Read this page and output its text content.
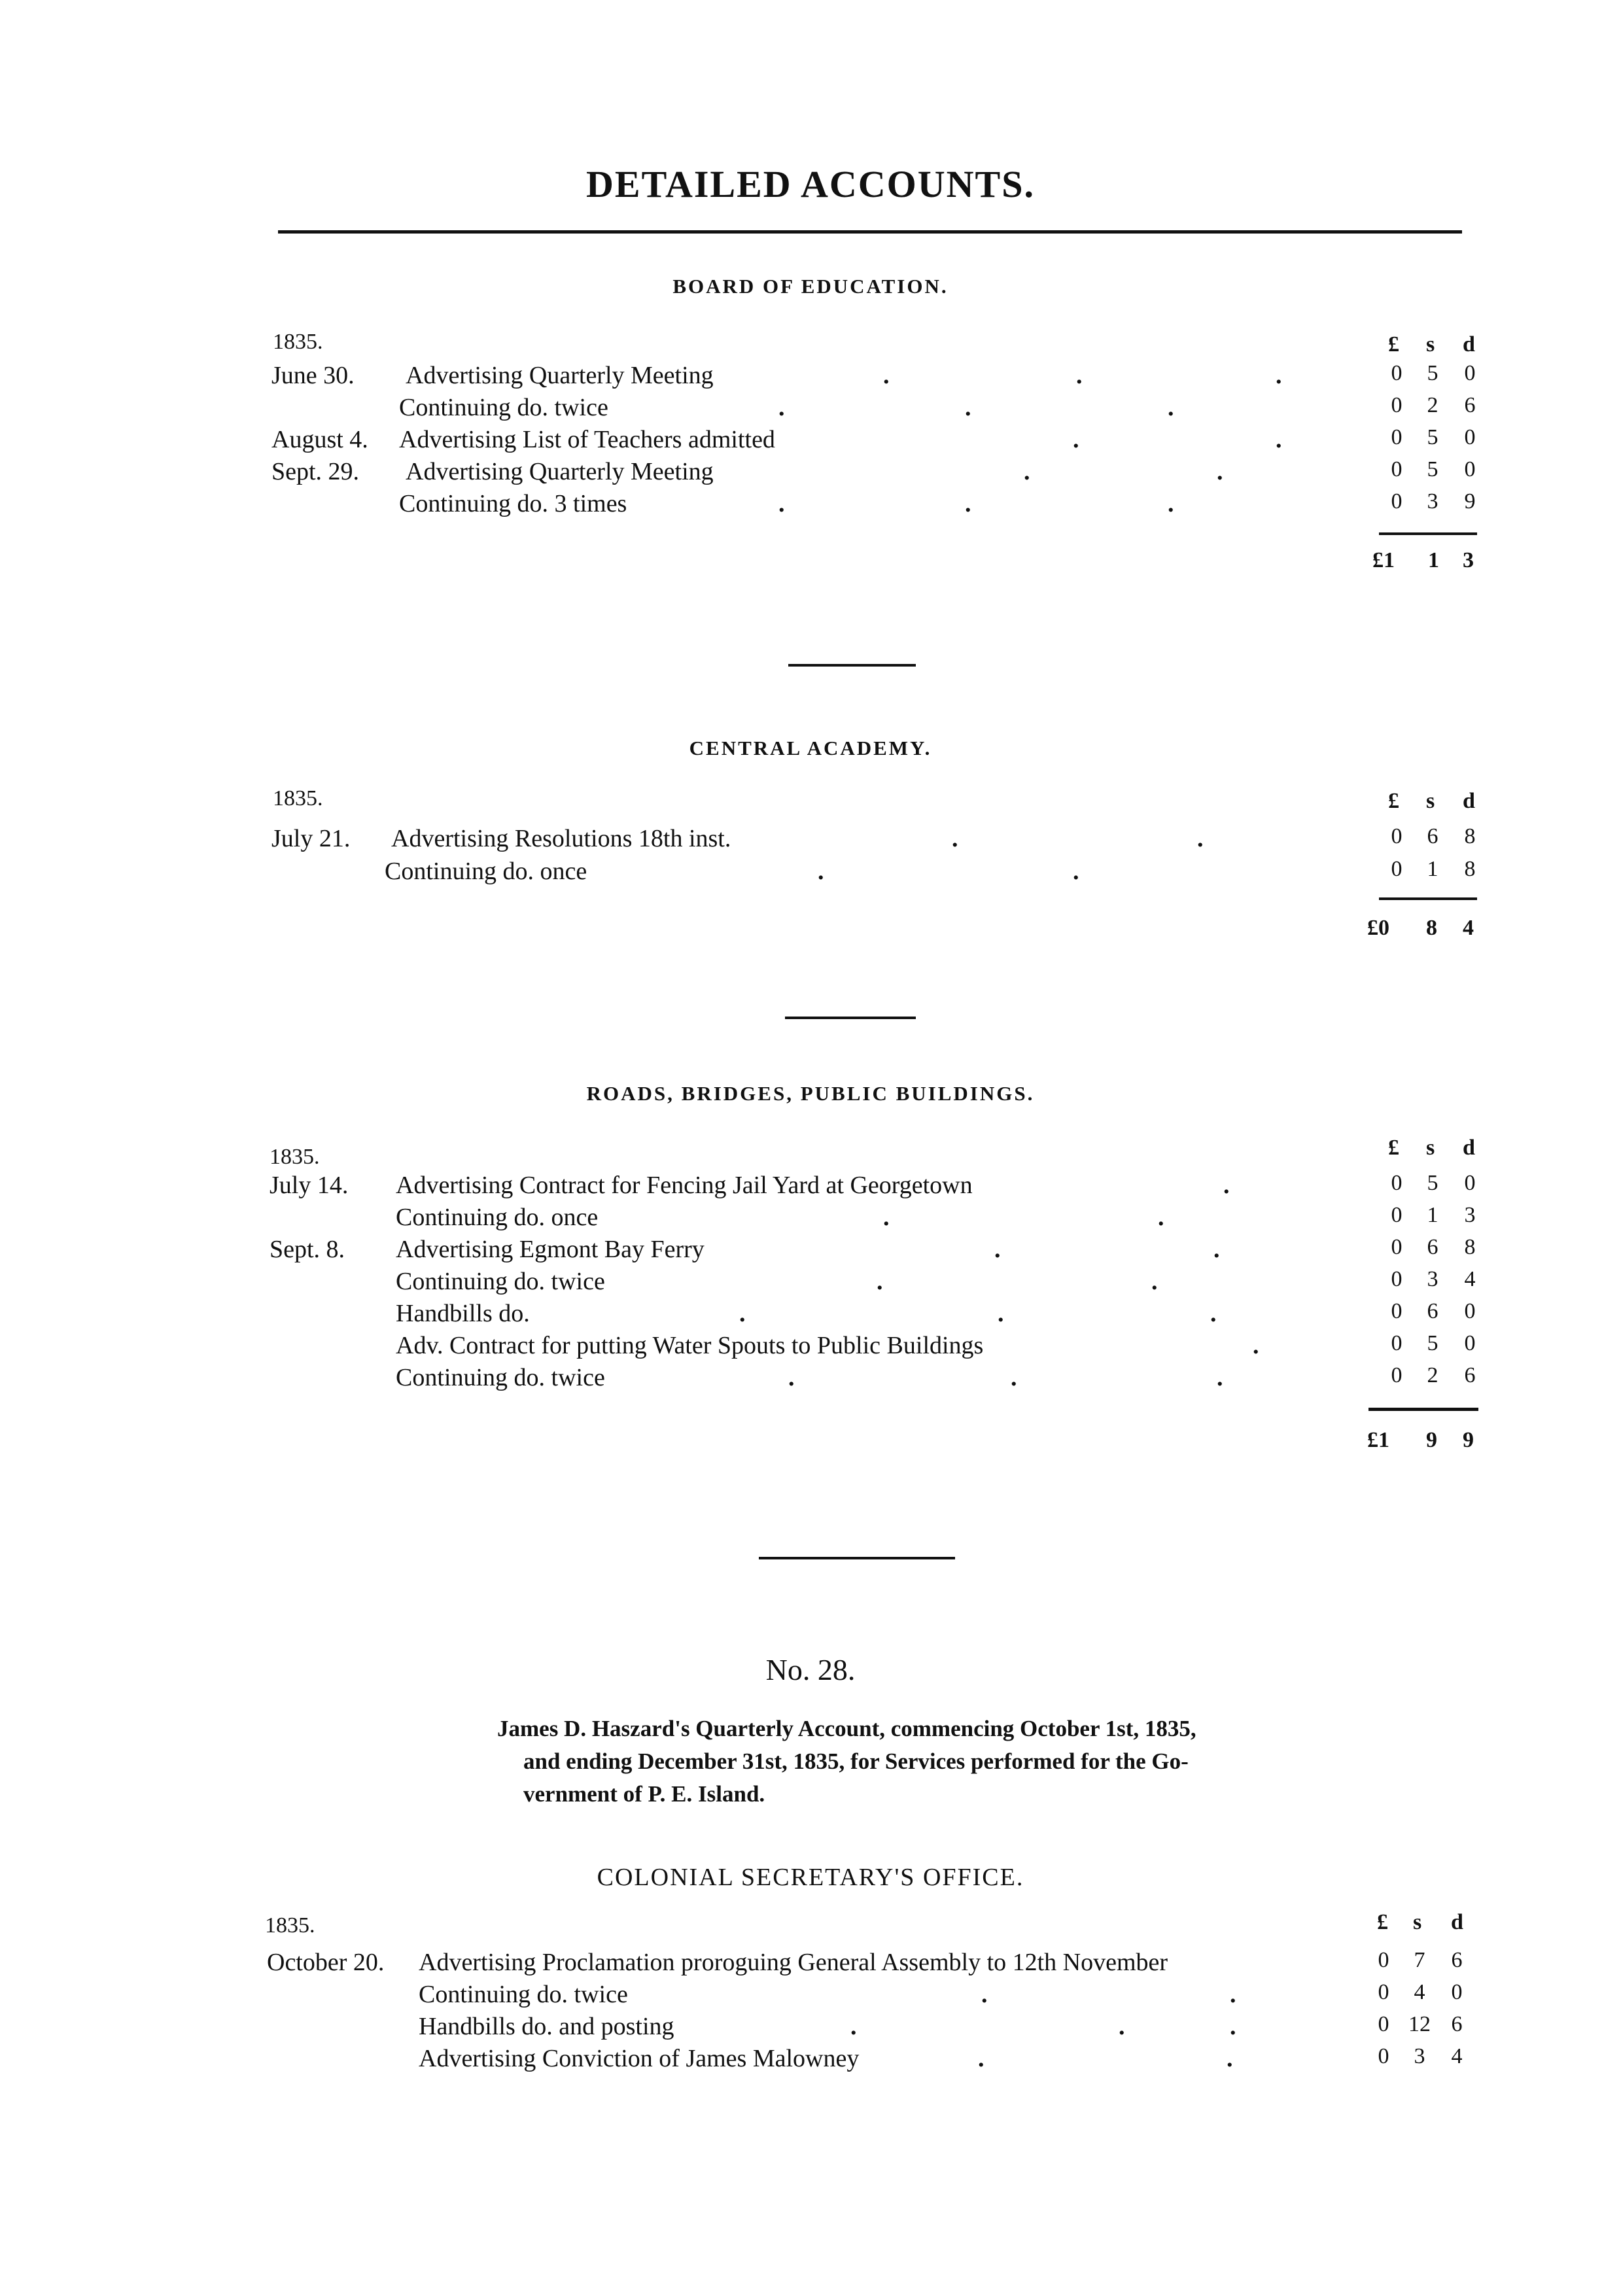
DETAILED ACCOUNTS.
BOARD OF EDUCATION.
1835.	£ s d
June 30. Advertising Quarterly Meeting	.	.	.	0	5	0
Continuing do. twice	.	.	.	0	2	6
August 4. Advertising List of Teachers admitted	.	.	0	5	0
Sept. 29. Advertising Quarterly Meeting	.	.	0	5	0
Continuing do. 3 times	.	.	.	0	3	9
£1 1 3
CENTRAL ACADEMY.
1835.	£ s d
July 21. Advertising Resolutions 18th inst.	.	.	0	6	8
Continuing do. once	.	.	0	1	8
£0 8 4
ROADS, BRIDGES, PUBLIC BUILDINGS.
1835.	£ s d
July 14. Advertising Contract for Fencing Jail Yard at Georgetown	.	0	5	0
Continuing do. once	.	.	0	1	3
Sept. 8. Advertising Egmont Bay Ferry	.	.	0	6	8
Continuing do. twice	.	.	0	3	4
Handbills do.	.	.	.	0	6	0
Adv. Contract for putting Water Spouts to Public Buildings	.	0	5	0
Continuing do. twice	.	.	.	0	2	6
£1 9 9
No. 28.
James D. Haszard's Quarterly Account, commencing October 1st, 1835,
and ending December 31st, 1835, for Services performed for the Go-
vernment of P. E. Island.
COLONIAL SECRETARY'S OFFICE.
1835.	£ s d
October 20. Advertising Proclamation proroguing General Assembly to 12th November	0	7	6
Continuing do. twice	.	.	0	4	0
Handbills do. and posting	.	.	.	0 12 6
Advertising Conviction of James Malowney	.	.	0	3	4
